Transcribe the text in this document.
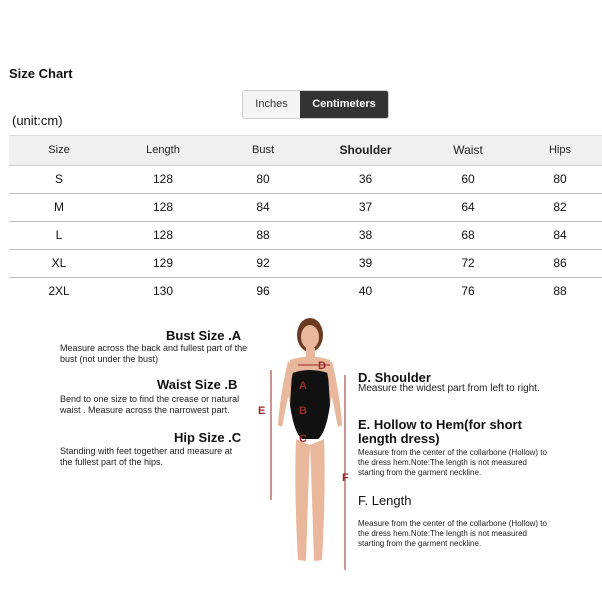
Size Chart
Inches	Centimeters
(unit:cm)
Size	Length	Bust	Shoulder	Waist	Hips
S	128	80	36	60	80
M	128	84	37	64	82
L	128	88	38	68	84
XL	129	92	39	72	86
2XL	130	96	40	76	88
Bust Size .A
Measure across the back and fullest part of the bust (not under the bust)
Waist Size .B
Bend to one size to find the crease or natural waist . Measure across the narrowest part.
Hip Size .C
Standing with feet together and measure at the fullest part of the hips.
D
A
B
C
E
F
D. Shoulder
Measure the widest part from left to right.
E. Hollow to Hem(for short length dress)
Measure from the center of the collarbone (Hollow) to the dress hem.Note:The length is not measured starting from the garment neckline.
F. Length
Measure from the center of the collarbone (Hollow) to the dress hem.Note:The length is not measured starting from the garment neckline.
